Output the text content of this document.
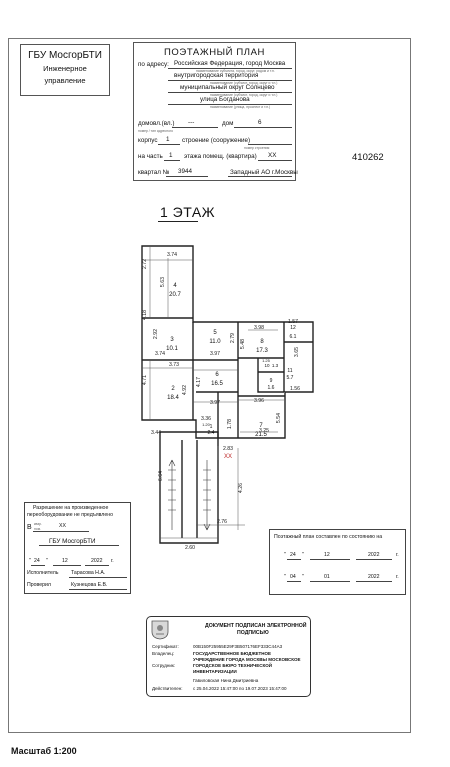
ГБУ МосгорБТИ
Инженерное
управление
ПОЭТАЖНЫЙ ПЛАН
по адресу: Российская Федерация, город Москва
наименование субъекта, город, округ, рядом и т.п.
внутригородская территория
наименование (субъект, город, округ и т.п.)
муниципальный округ Солнцево
наименование (субъект, город, округ и т.п.)
улица Богданова
наименование (улица, проспект и т.п.)
домовл.(вл.) ---	дом	6
номер / тип адресного
корпус 1 строение (сооружение)
номер строения
на часть 1 этажа помещ. (квартира) XX
квартал № 3944	Западный АО г.Москвы
410262
1 ЭТАЖ
4
20.7
5
11.0
3
10.1
6
16.5
2
18.4
8
17.3
12
6.1
10 1.3
9
1.6
11
5.7
7
21.5
1
2.4
3.74
2.72
5.63
4.18
2.92
3.74
3.73
4.71
4.92
3.97
3.97
4.17
3.98
2.79
5.48
1.57
3.65
1.25
1.56
3.96
5.54
3.44
3.36
1.20	1.78
2.83
3.25
6.64
4.26
2.76
2.60
XX
Разрешение на произведенное
переоборудование не предъявлено
В квар.
пом.	XX
ГБУ МосгорБТИ
" 24 "	12	2022 г.
Исполнитель Тарасова Н.А.
Проверил	Кузнецова Е.В.
Поэтажный план составлен по состоянию на
" 24 "	12	2022	г.
" 04 "	01	2022	г.
ДОКУМЕНТ ПОДПИСАН ЭЛЕКТРОННОЙ
ПОДПИСЬЮ
Сертификат:	00B150F25955E29F3B507176EF333C44A3
Владелец:	ГОСУДАРСТВЕННОЕ БЮДЖЕТНОЕ
УЧРЕЖДЕНИЕ ГОРОДА МОСКВЫ МОСКОВСКОЕ
Сотрудник:	ГОРОДСКОЕ БЮРО ТЕХНИЧЕСКОЙ
ИНВЕНТАРИЗАЦИИ
Гавиловская Нина Дмитриевна
Действителен: с 25.04.2022 15:47:00 по 19.07.2023 15:47:00
Масштаб 1:200
